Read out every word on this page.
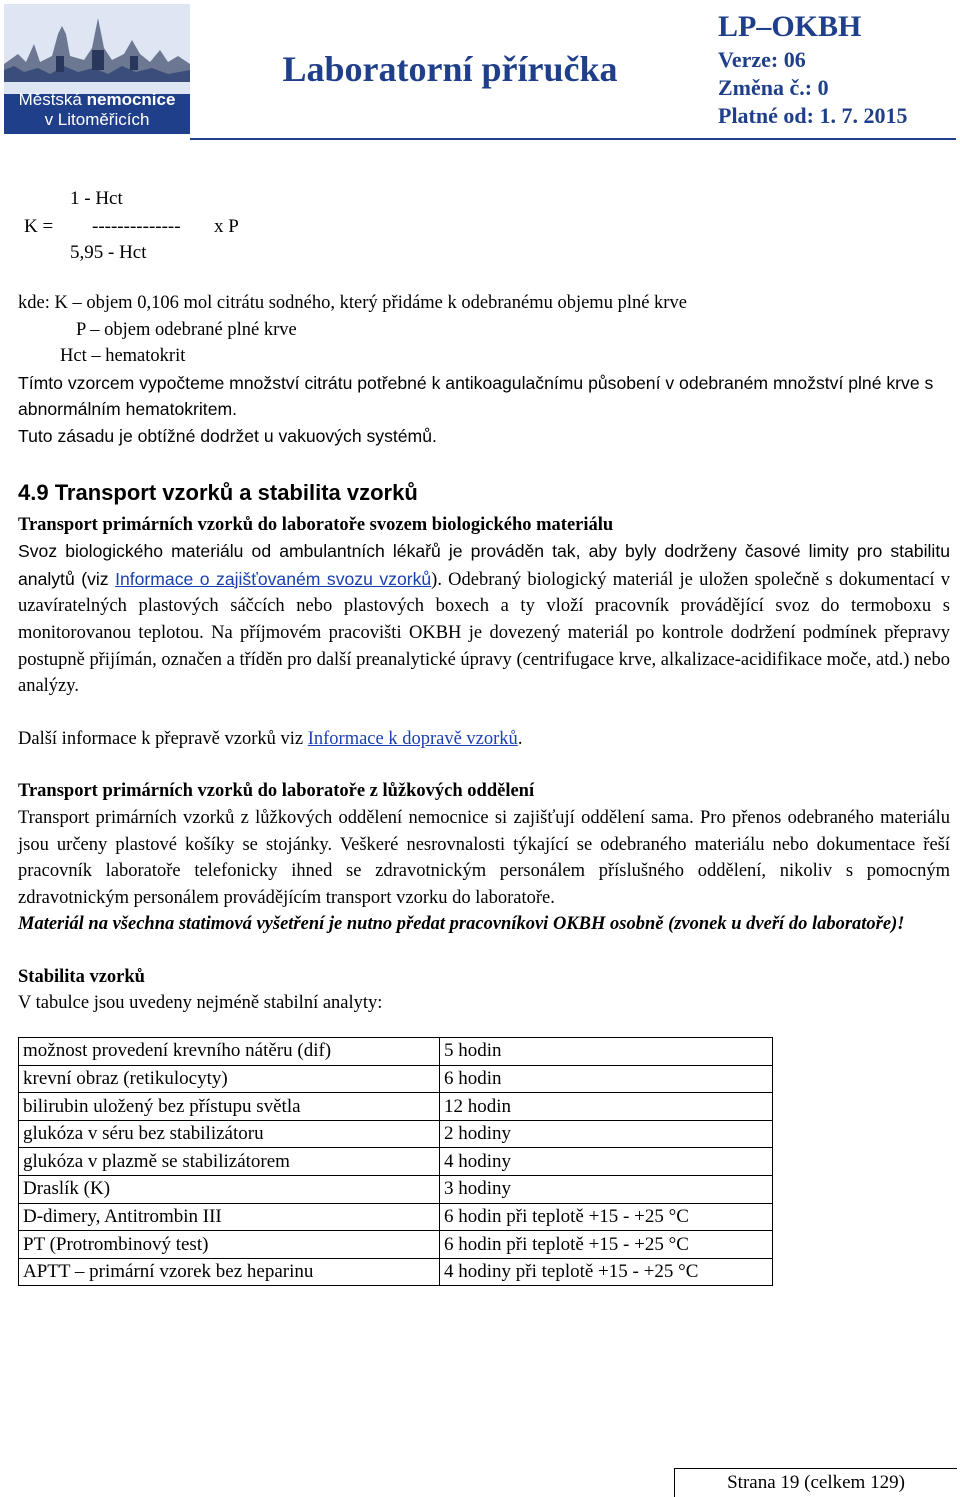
Městská nemocnice
v Litoměřicích
Laboratorní příručka
LP–OKBH
Verze: 06
Změna č.: 0
Platné od: 1. 7. 2015

1 - Hct

K =

--------------

x P

5,95 - Hct

kde: K – objem 0,106 mol citrátu sodného, který přidáme k odebranému objemu plné krve
P – objem odebrané plné krve
Hct – hematokrit
Tímto vzorcem vypočteme množství citrátu potřebné k antikoagulačnímu působení v odebraném množství plné krve s abnormálním hematokritem.
Tuto zásadu je obtížné dodržet u vakuových systémů.
4.9 Transport vzorků a stabilita vzorků
Transport primárních vzorků do laboratoře svozem biologického materiálu
Svoz biologického materiálu od ambulantních lékařů je prováděn tak, aby byly dodrženy časové limity pro stabilitu analytů (viz Informace o zajišťovaném svozu vzorků). Odebraný biologický materiál je uložen společně s dokumentací v uzavíratelných plastových sáčcích nebo plastových boxech a ty vloží pracovník provádějící svoz do termoboxu s monitorovanou teplotou. Na příjmovém pracovišti OKBH je dovezený materiál po kontrole dodržení podmínek přepravy postupně přijímán, označen a tříděn pro další preanalytické úpravy (centrifugace krve, alkalizace-acidifikace moče, atd.) nebo analýzy.
Další informace k přepravě vzorků viz Informace k dopravě vzorků.
Transport primárních vzorků do laboratoře z lůžkových oddělení
Transport primárních vzorků z lůžkových oddělení nemocnice si zajišťují oddělení sama. Pro přenos odebraného materiálu jsou určeny plastové košíky se stojánky. Veškeré nesrovnalosti týkající se odebraného materiálu nebo dokumentace řeší pracovník laboratoře telefonicky ihned se zdravotnickým personálem příslušného oddělení, nikoliv s pomocným zdravotnickým personálem provádějícím transport vzorku do laboratoře.
Materiál na všechna statimová vyšetření je nutno předat pracovníkovi OKBH osobně (zvonek u dveří do laboratoře)!
Stabilita vzorků
V tabulce jsou uvedeny nejméně stabilní analyty:
možnost provedení krevního nátěru (dif)	5 hodin
krevní obraz (retikulocyty)	6 hodin
bilirubin uložený bez přístupu světla	12 hodin
glukóza v séru bez stabilizátoru	2 hodiny
glukóza v plazmě se stabilizátorem	4 hodiny
Draslík (K)	3 hodiny
D-dimery, Antitrombin III	6 hodin při teplotě +15 - +25 °C
PT (Protrombinový test)	6 hodin při teplotě +15 - +25 °C
APTT – primární vzorek bez heparinu	4 hodiny při teplotě +15 - +25 °C
Strana 19 (celkem 129)
